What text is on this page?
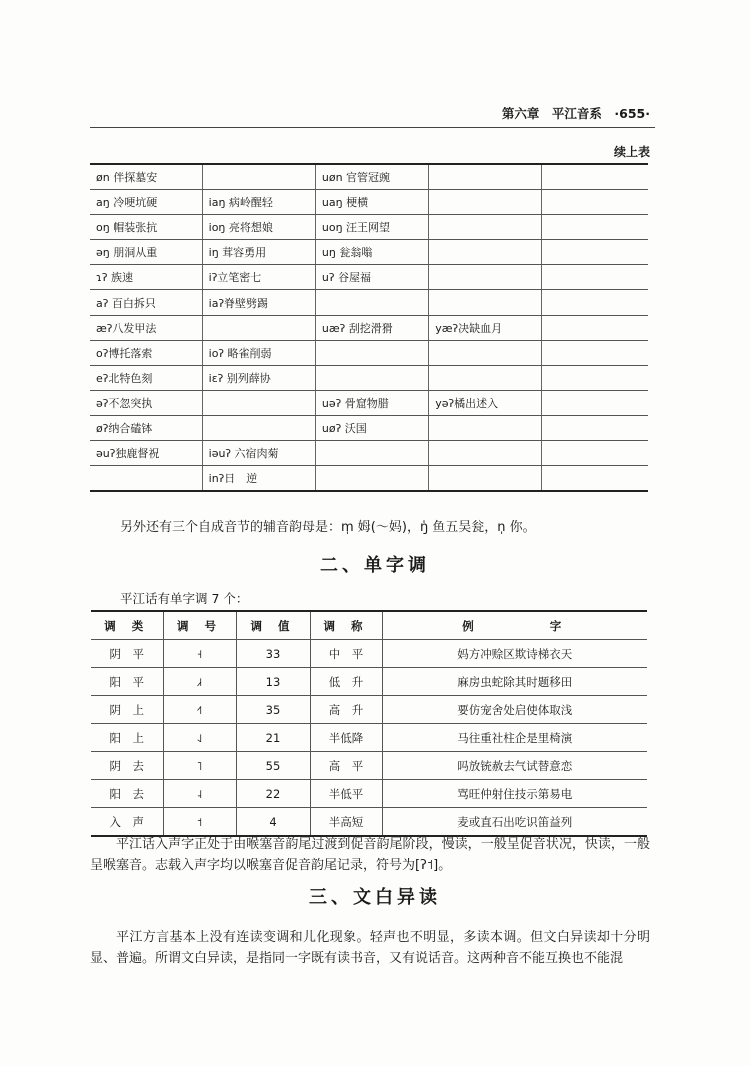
第六章　平江音系　 ·655·
续上表
øn 伴探墓安		uøn 官管冠豌		
aŋ 冷哽坑硬	iaŋ 病岭醒轻	uaŋ 梗横		
oŋ 帽装张抗	ioŋ 亮将想娘	uoŋ 汪王网望		
əŋ 朋洞从重	iŋ 茸容勇用	uŋ 瓮翁嗡		
ɿʔ 族速	iʔ立笔密七	uʔ 谷屋福		
aʔ 百白拆只	iaʔ脊壁劈踢			
æʔ八发甲法		uæʔ 刮挖滑猾	yæʔ决缺血月	
oʔ博托落索	ioʔ 略雀削弱			
eʔ北特色刻	iɛʔ 别列薛协			
əʔ不忽突执		uəʔ 骨窟物腊	yəʔ橘出述入	
øʔ纳合磕钵		uøʔ 沃国		
əuʔ独鹿督祝	iəuʔ 六宿肉菊			
	inʔ日　逆			
另外还有三个自成音节的辅音韵母是：m̩ 姆(～妈)，ŋ̍ 鱼五吴瓮，n̩ 你。
二、单字调
平江话有单字调 7 个：
调 类	调 号	调 值	调 称	例　　　　字
阴　平	˧	33	中　平	妈方冲赊区欺诗梯衣天
阳　平	˩˧	13	低　升	麻房虫蛇除其时题移田
阴　上	˧˥	35	高　升	要仿宠舍处启使体取浅
阳　上	˨˩	21	半低降	马往重社柱企是里椅演
阴　去	˥	55	高　平	吗放铳赦去气试替意恋
阳　去	˨	22	半低平	骂旺仲射住技示第易电
入　声	˦	4	半高短	麦或直石出吃识笛益列
平江话入声字正处于由喉塞音韵尾过渡到促音韵尾阶段，慢读，一般呈促音状况，快读，一般呈喉塞音。志载入声字均以喉塞音促音韵尾记录，符号为[ʔ˦]。
三、文白异读
平江方言基本上没有连读变调和儿化现象。轻声也不明显，多读本调。但文白异读却十分明显、普遍。所谓文白异读，是指同一字既有读书音，又有说话音。这两种音不能互换也不能混
